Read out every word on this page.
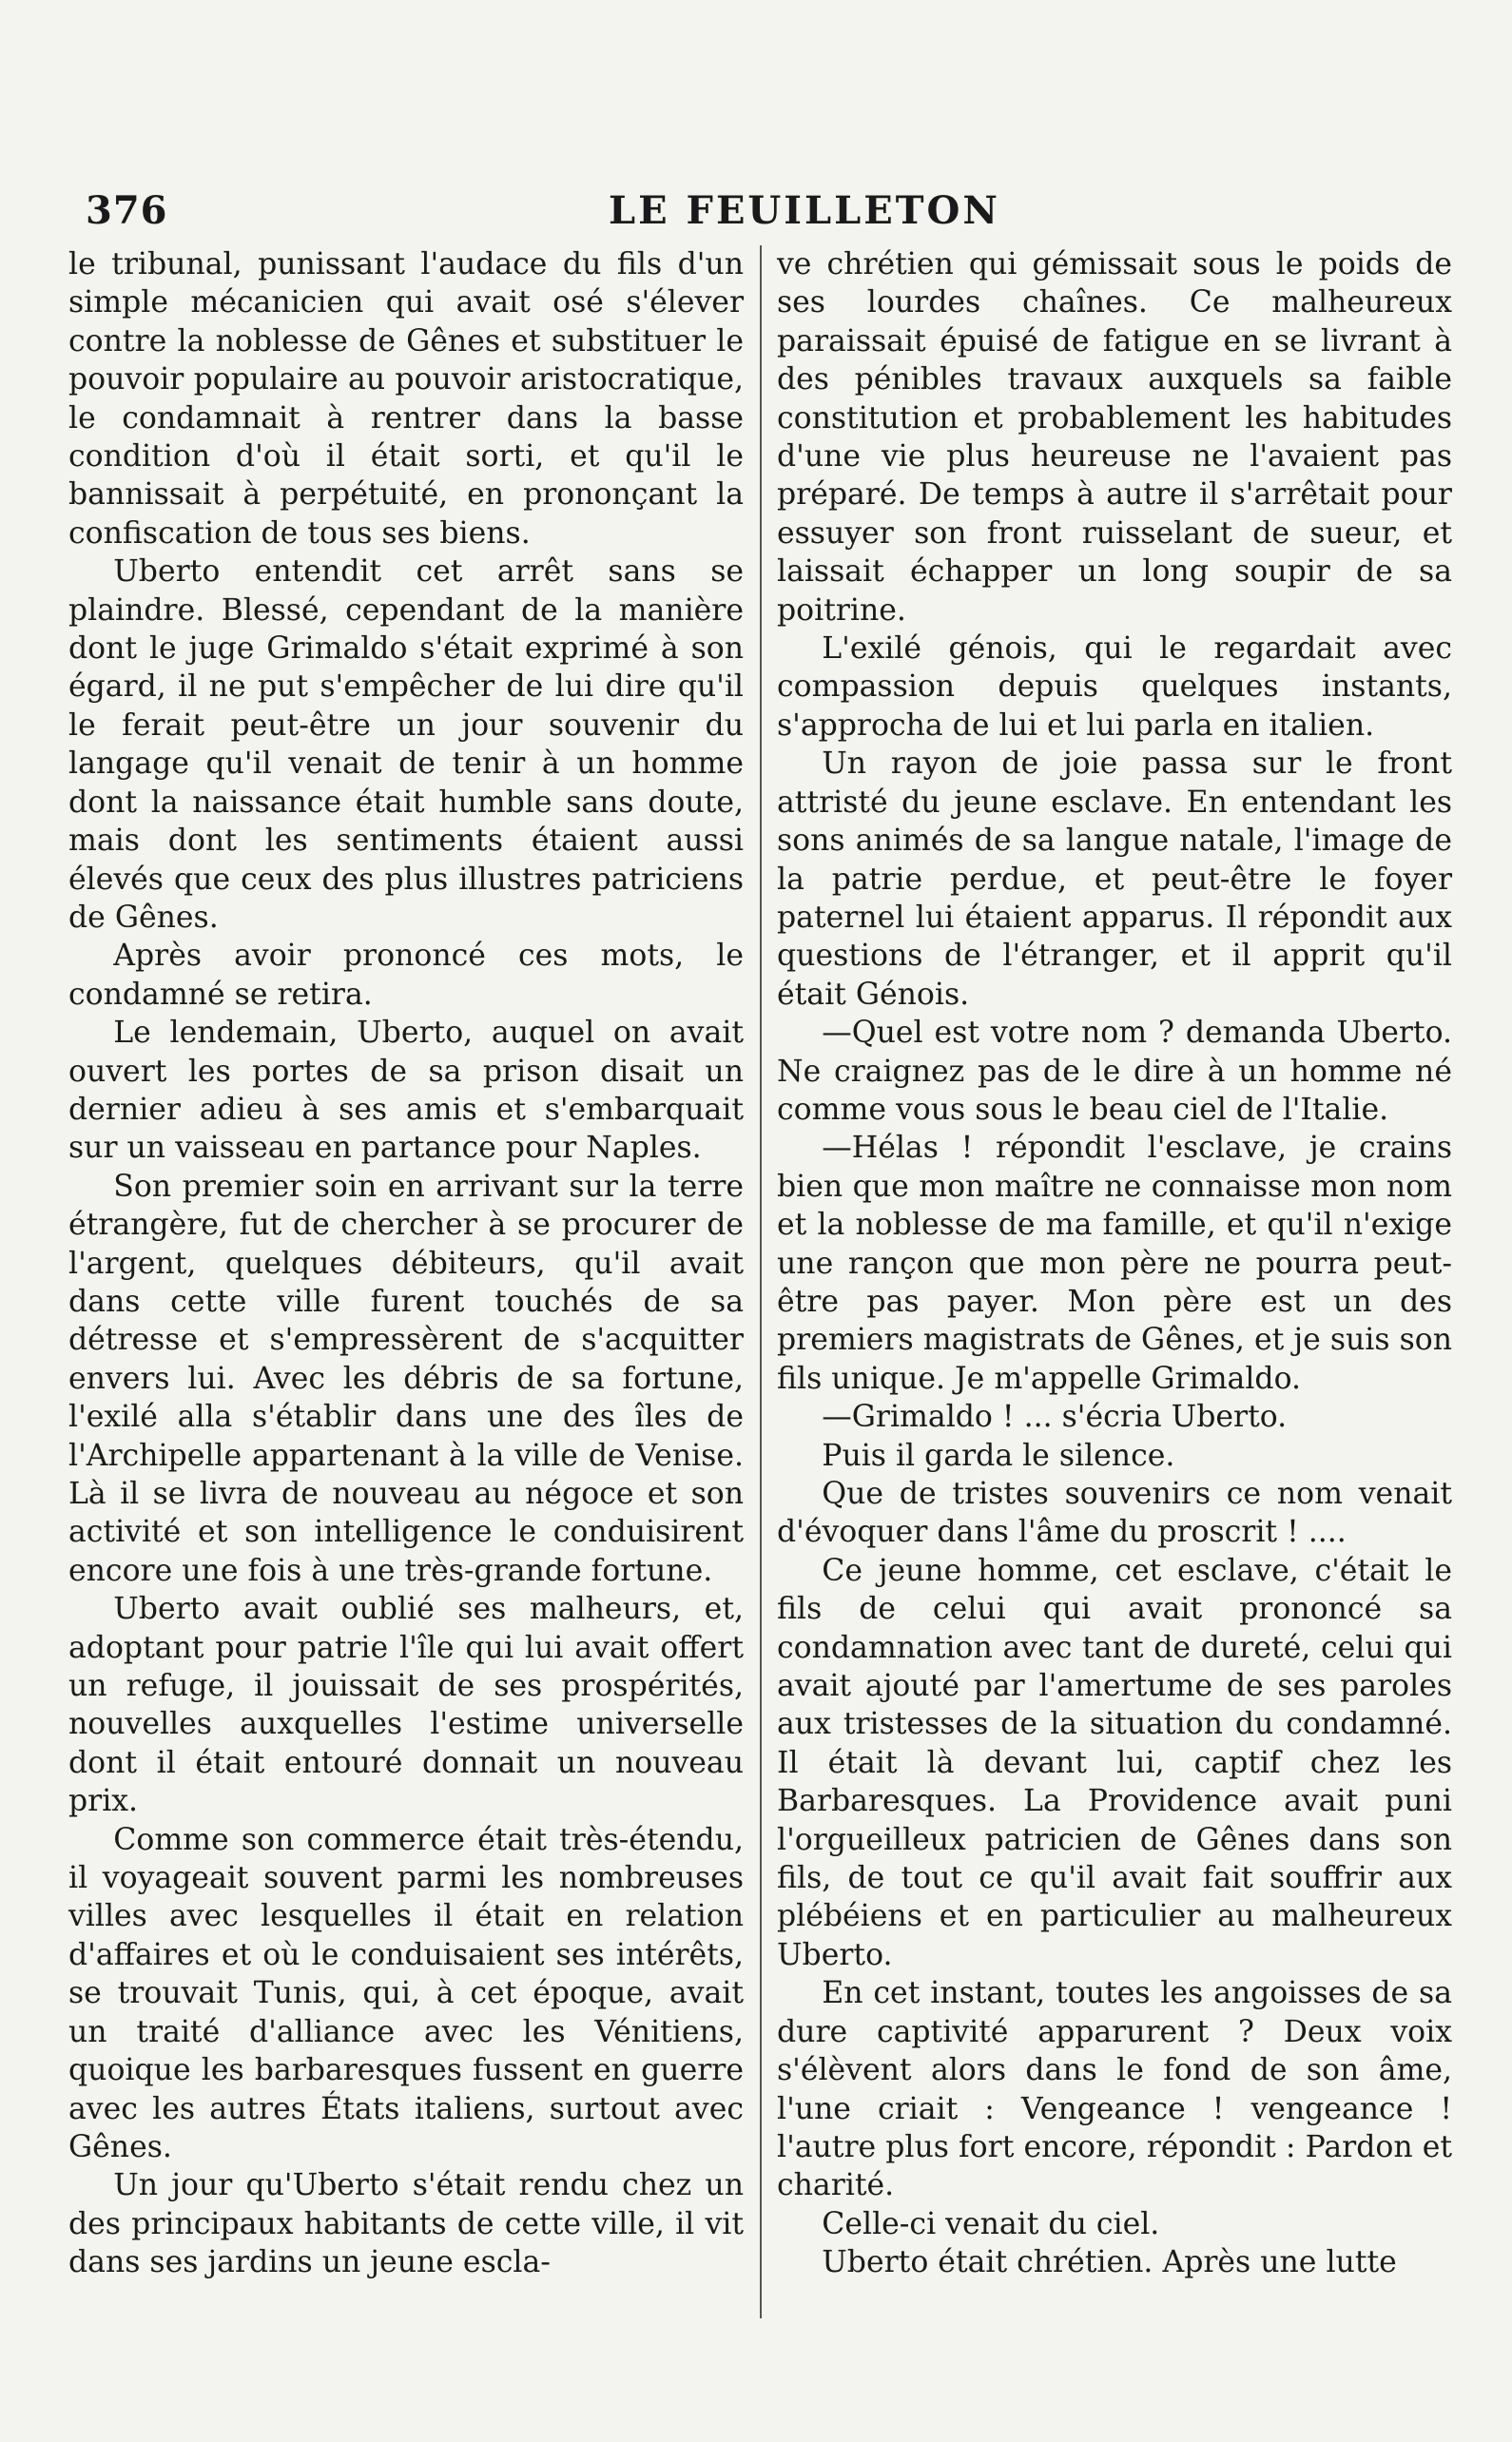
376	LE FEUILLETON

le tribunal, punissant l'audace du fils d'un simple mécanicien qui avait osé s'élever contre la noblesse de Gênes et substituer le pouvoir populaire au pouvoir aristocratique, le condamnait à rentrer dans la basse condition d'où il était sorti, et qu'il le bannissait à perpétuité, en prononçant la confiscation de tous ses biens.

Uberto entendit cet arrêt sans se plaindre. Blessé, cependant de la manière dont le juge Grimaldo s'était exprimé à son égard, il ne put s'empêcher de lui dire qu'il le ferait peut-être un jour souvenir du langage qu'il venait de tenir à un homme dont la naissance était humble sans doute, mais dont les sentiments étaient aussi élevés que ceux des plus illustres patriciens de Gênes.

Après avoir prononcé ces mots, le condamné se retira.

Le lendemain, Uberto, auquel on avait ouvert les portes de sa prison disait un dernier adieu à ses amis et s'embarquait sur un vaisseau en partance pour Naples.

Son premier soin en arrivant sur la terre étrangère, fut de chercher à se procurer de l'argent, quelques débiteurs, qu'il avait dans cette ville furent touchés de sa détresse et s'empressèrent de s'acquitter envers lui. Avec les débris de sa fortune, l'exilé alla s'établir dans une des îles de l'Archipelle appartenant à la ville de Venise. Là il se livra de nouveau au négoce et son activité et son intelligence le conduisirent encore une fois à une très-grande fortune.

Uberto avait oublié ses malheurs, et, adoptant pour patrie l'île qui lui avait offert un refuge, il jouissait de ses prospérités, nouvelles auxquelles l'estime universelle dont il était entouré donnait un nouveau prix.

Comme son commerce était très-étendu, il voyageait souvent parmi les nombreuses villes avec lesquelles il était en relation d'affaires et où le conduisaient ses intérêts, se trouvait Tunis, qui, à cet époque, avait un traité d'alliance avec les Vénitiens, quoique les barbaresques fussent en guerre avec les autres États italiens, surtout avec Gênes.

Un jour qu'Uberto s'était rendu chez un des principaux habitants de cette ville, il vit dans ses jardins un jeune escla-

ve chrétien qui gémissait sous le poids de ses lourdes chaînes. Ce malheureux paraissait épuisé de fatigue en se livrant à des pénibles travaux auxquels sa faible constitution et probablement les habitudes d'une vie plus heureuse ne l'avaient pas préparé. De temps à autre il s'arrêtait pour essuyer son front ruisselant de sueur, et laissait échapper un long soupir de sa poitrine.

L'exilé génois, qui le regardait avec compassion depuis quelques instants, s'approcha de lui et lui parla en italien.

Un rayon de joie passa sur le front attristé du jeune esclave. En entendant les sons animés de sa langue natale, l'image de la patrie perdue, et peut-être le foyer paternel lui étaient apparus. Il répondit aux questions de l'étranger, et il apprit qu'il était Génois.

—Quel est votre nom ? demanda Uberto. Ne craignez pas de le dire à un homme né comme vous sous le beau ciel de l'Italie.

—Hélas ! répondit l'esclave, je crains bien que mon maître ne connaisse mon nom et la noblesse de ma famille, et qu'il n'exige une rançon que mon père ne pourra peut-être pas payer. Mon père est un des premiers magistrats de Gênes, et je suis son fils unique. Je m'appelle Grimaldo.

—Grimaldo ! ... s'écria Uberto.

Puis il garda le silence.

Que de tristes souvenirs ce nom venait d'évoquer dans l'âme du proscrit ! ....

Ce jeune homme, cet esclave, c'était le fils de celui qui avait prononcé sa condamnation avec tant de dureté, celui qui avait ajouté par l'amertume de ses paroles aux tristesses de la situation du condamné. Il était là devant lui, captif chez les Barbaresques. La Providence avait puni l'orgueilleux patricien de Gênes dans son fils, de tout ce qu'il avait fait souffrir aux plébéiens et en particulier au malheureux Uberto.

En cet instant, toutes les angoisses de sa dure captivité apparurent ? Deux voix s'élèvent alors dans le fond de son âme, l'une criait : Vengeance ! vengeance ! l'autre plus fort encore, répondit : Pardon et charité.

Celle-ci venait du ciel.

Uberto était chrétien. Après une lutte
